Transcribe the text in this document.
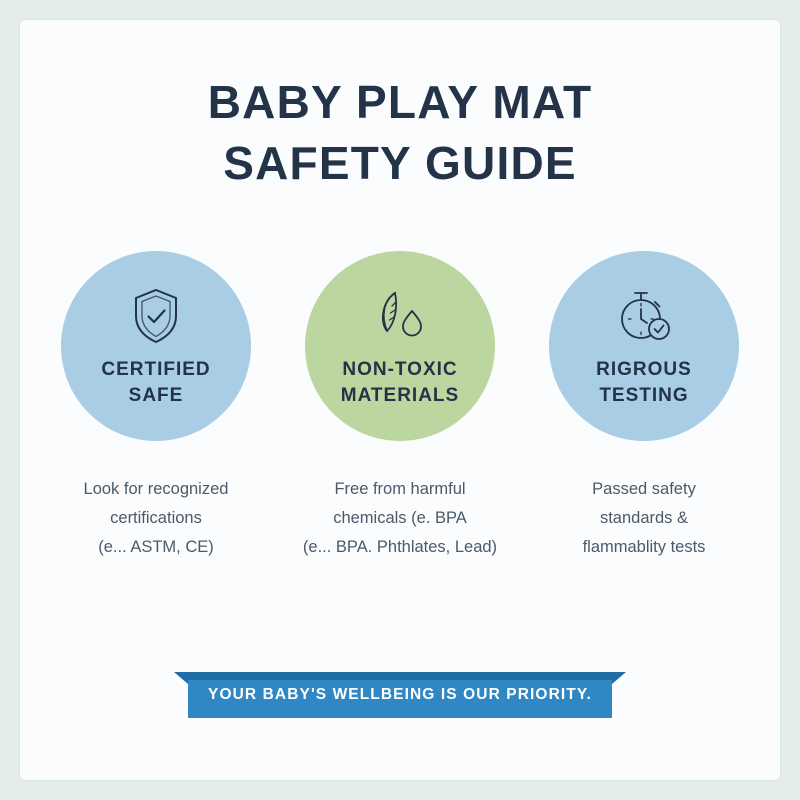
BABY PLAY MAT
SAFETY GUIDE
CERTIFIED
SAFE
Look for recognized
certifications
(e... ASTM, CE)
NON-TOXIC
MATERIALS
Free from harmful
chemicals (e. BPA
(e... BPA. Phthlates, Lead)
RIGROUS
TESTING
Passed safety
standards &
flammablity tests
YOUR BABY'S WELLBEING IS OUR PRIORITY.
